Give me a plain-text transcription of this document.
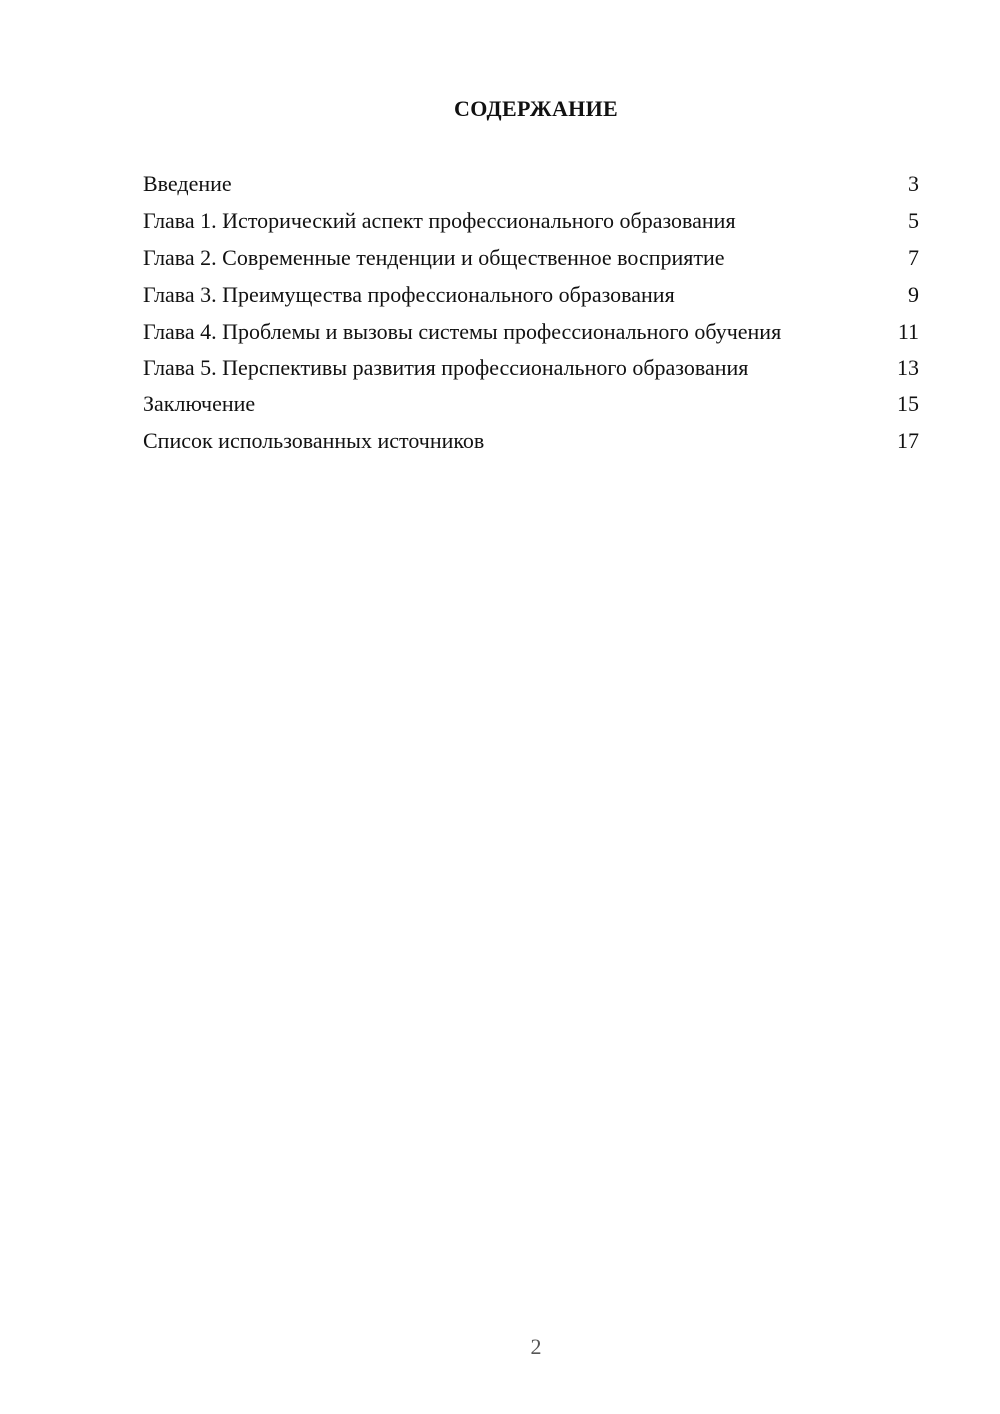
СОДЕРЖАНИЕ
Введение	3
Глава 1. Исторический аспект профессионального образования	5
Глава 2. Современные тенденции и общественное восприятие	7
Глава 3. Преимущества профессионального образования	9
Глава 4. Проблемы и вызовы системы профессионального обучения	11
Глава 5. Перспективы развития профессионального образования	13
Заключение	15
Список использованных источников	17
2
